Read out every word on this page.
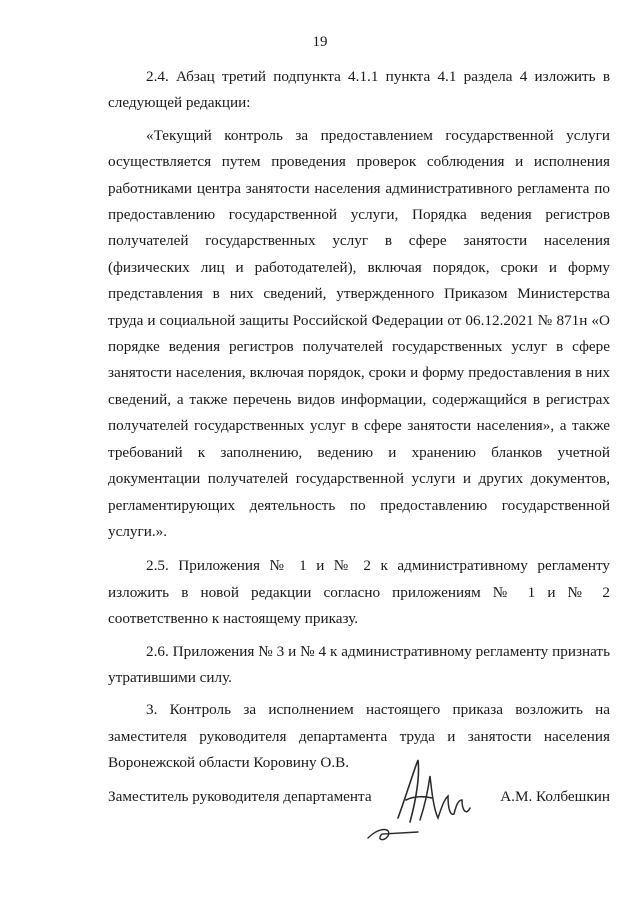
19

2.4. Абзац третий подпункта 4.1.1 пункта 4.1 раздела 4 изложить в следующей редакции:

«Текущий контроль за предоставлением государственной услуги осуществляется путем проведения проверок соблюдения и исполнения работниками центра занятости населения административного регламента по предоставлению государственной услуги, Порядка ведения регистров получателей государственных услуг в сфере занятости населения (физических лиц и работодателей), включая порядок, сроки и форму представления в них сведений, утвержденного Приказом Министерства труда и социальной защиты Российской Федерации от 06.12.2021 № 871н «О порядке ведения регистров получателей государственных услуг в сфере занятости населения, включая порядок, сроки и форму предоставления в них сведений, а также перечень видов информации, содержащийся в регистрах получателей государственных услуг в сфере занятости населения», а также требований к заполнению, ведению и хранению бланков учетной документации получателей государственной услуги и других документов, регламентирующих деятельность по предоставлению государственной услуги.».

2.5. Приложения № 1 и № 2 к административному регламенту изложить в новой редакции согласно приложениям № 1 и № 2 соответственно к настоящему приказу.

2.6. Приложения № 3 и № 4 к административному регламенту признать утратившими силу.

3. Контроль за исполнением настоящего приказа возложить на заместителя руководителя департамента труда и занятости населения Воронежской области Коровину О.В.

Заместитель руководителя департамента	А.М. Колбешкин
